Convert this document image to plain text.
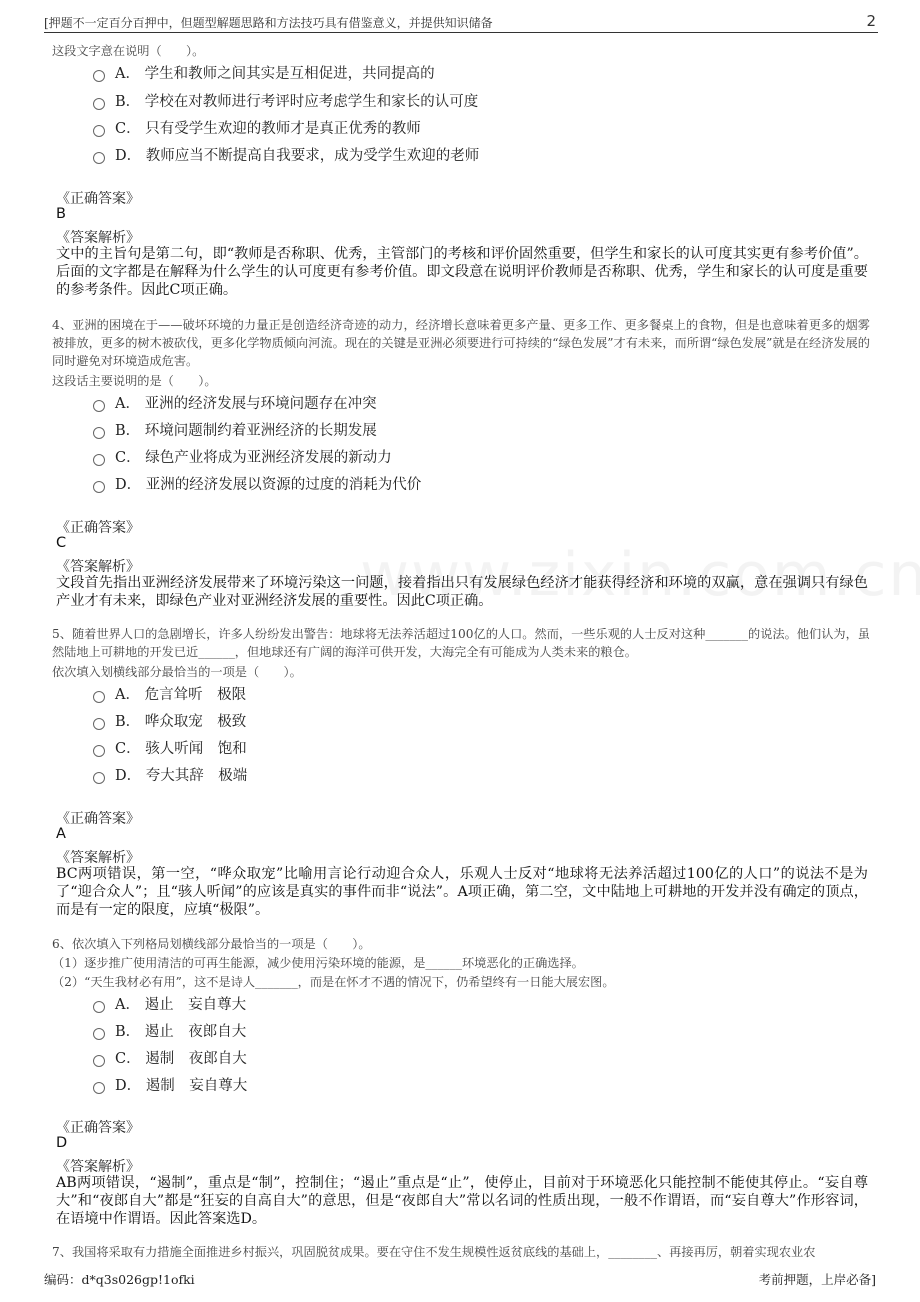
[押题不一定百分百押中，但题型解题思路和方法技巧具有借鉴意义，并提供知识储备	2
这段文字意在说明（　　）。
A． 学生和教师之间其实是互相促进，共同提高的
B． 学校在对教师进行考评时应考虑学生和家长的认可度
C． 只有受学生欢迎的教师才是真正优秀的教师
D． 教师应当不断提高自我要求，成为受学生欢迎的老师
《正确答案》
B
《答案解析》
文中的主旨句是第二句，即“教师是否称职、优秀，主管部门的考核和评价固然重要，但学生和家长的认可度其实更有参考价值”。后面的文字都是在解释为什么学生的认可度更有参考价值。即文段意在说明评价教师是否称职、优秀，学生和家长的认可度是重要的参考条件。因此C项正确。
4、亚洲的困境在于——破坏环境的力量正是创造经济奇迹的动力，经济增长意味着更多产量、更多工作、更多餐桌上的食物，但是也意味着更多的烟雾被排放，更多的树木被砍伐，更多化学物质倾向河流。现在的关键是亚洲必须要进行可持续的“绿色发展”才有未来，而所谓“绿色发展”就是在经济发展的同时避免对环境造成危害。
这段话主要说明的是（　　）。
A． 亚洲的经济发展与环境问题存在冲突
B． 环境问题制约着亚洲经济的长期发展
C． 绿色产业将成为亚洲经济发展的新动力
D． 亚洲的经济发展以资源的过度的消耗为代价
《正确答案》
C
《答案解析》
文段首先指出亚洲经济发展带来了环境污染这一问题，接着指出只有发展绿色经济才能获得经济和环境的双赢，意在强调只有绿色产业才有未来，即绿色产业对亚洲经济发展的重要性。因此C项正确。
5、随着世界人口的急剧增长，许多人纷纷发出警告：地球将无法养活超过100亿的人口。然而，一些乐观的人士反对这种_______的说法。他们认为，虽然陆地上可耕地的开发已近______，但地球还有广阔的海洋可供开发，大海完全有可能成为人类未来的粮仓。
依次填入划横线部分最恰当的一项是（　　）。
A． 危言耸听　极限
B． 哗众取宠　极致
C． 骇人听闻　饱和
D． 夸大其辞　极端
《正确答案》
A
《答案解析》
BC两项错误，第一空，“哗众取宠”比喻用言论行动迎合众人，乐观人士反对“地球将无法养活超过100亿的人口”的说法不是为了“迎合众人”；且“骇人听闻”的应该是真实的事件而非“说法”。A项正确，第二空，文中陆地上可耕地的开发并没有确定的顶点，而是有一定的限度，应填“极限”。
6、依次填入下列格局划横线部分最恰当的一项是（　　）。
（1）逐步推广使用清洁的可再生能源，减少使用污染环境的能源，是______环境恶化的正确选择。
（2）“天生我材必有用”，这不是诗人_______，而是在怀才不遇的情况下，仍希望终有一日能大展宏图。
A． 遏止　妄自尊大
B． 遏止　夜郎自大
C． 遏制　夜郎自大
D． 遏制　妄自尊大
《正确答案》
D
《答案解析》
AB两项错误，“遏制”，重点是“制”，控制住；“遏止”重点是“止”，使停止，目前对于环境恶化只能控制不能使其停止。“妄自尊大”和“夜郎自大”都是“狂妄的自高自大”的意思，但是“夜郎自大”常以名词的性质出现，一般不作谓语，而“妄自尊大”作形容词，在语境中作谓语。因此答案选D。
7、我国将采取有力措施全面推进乡村振兴，巩固脱贫成果。要在守住不发生规模性返贫底线的基础上，________、再接再厉，朝着实现农业农
编码：d*q3s026gp!1ofki	考前押题，上岸必备]
